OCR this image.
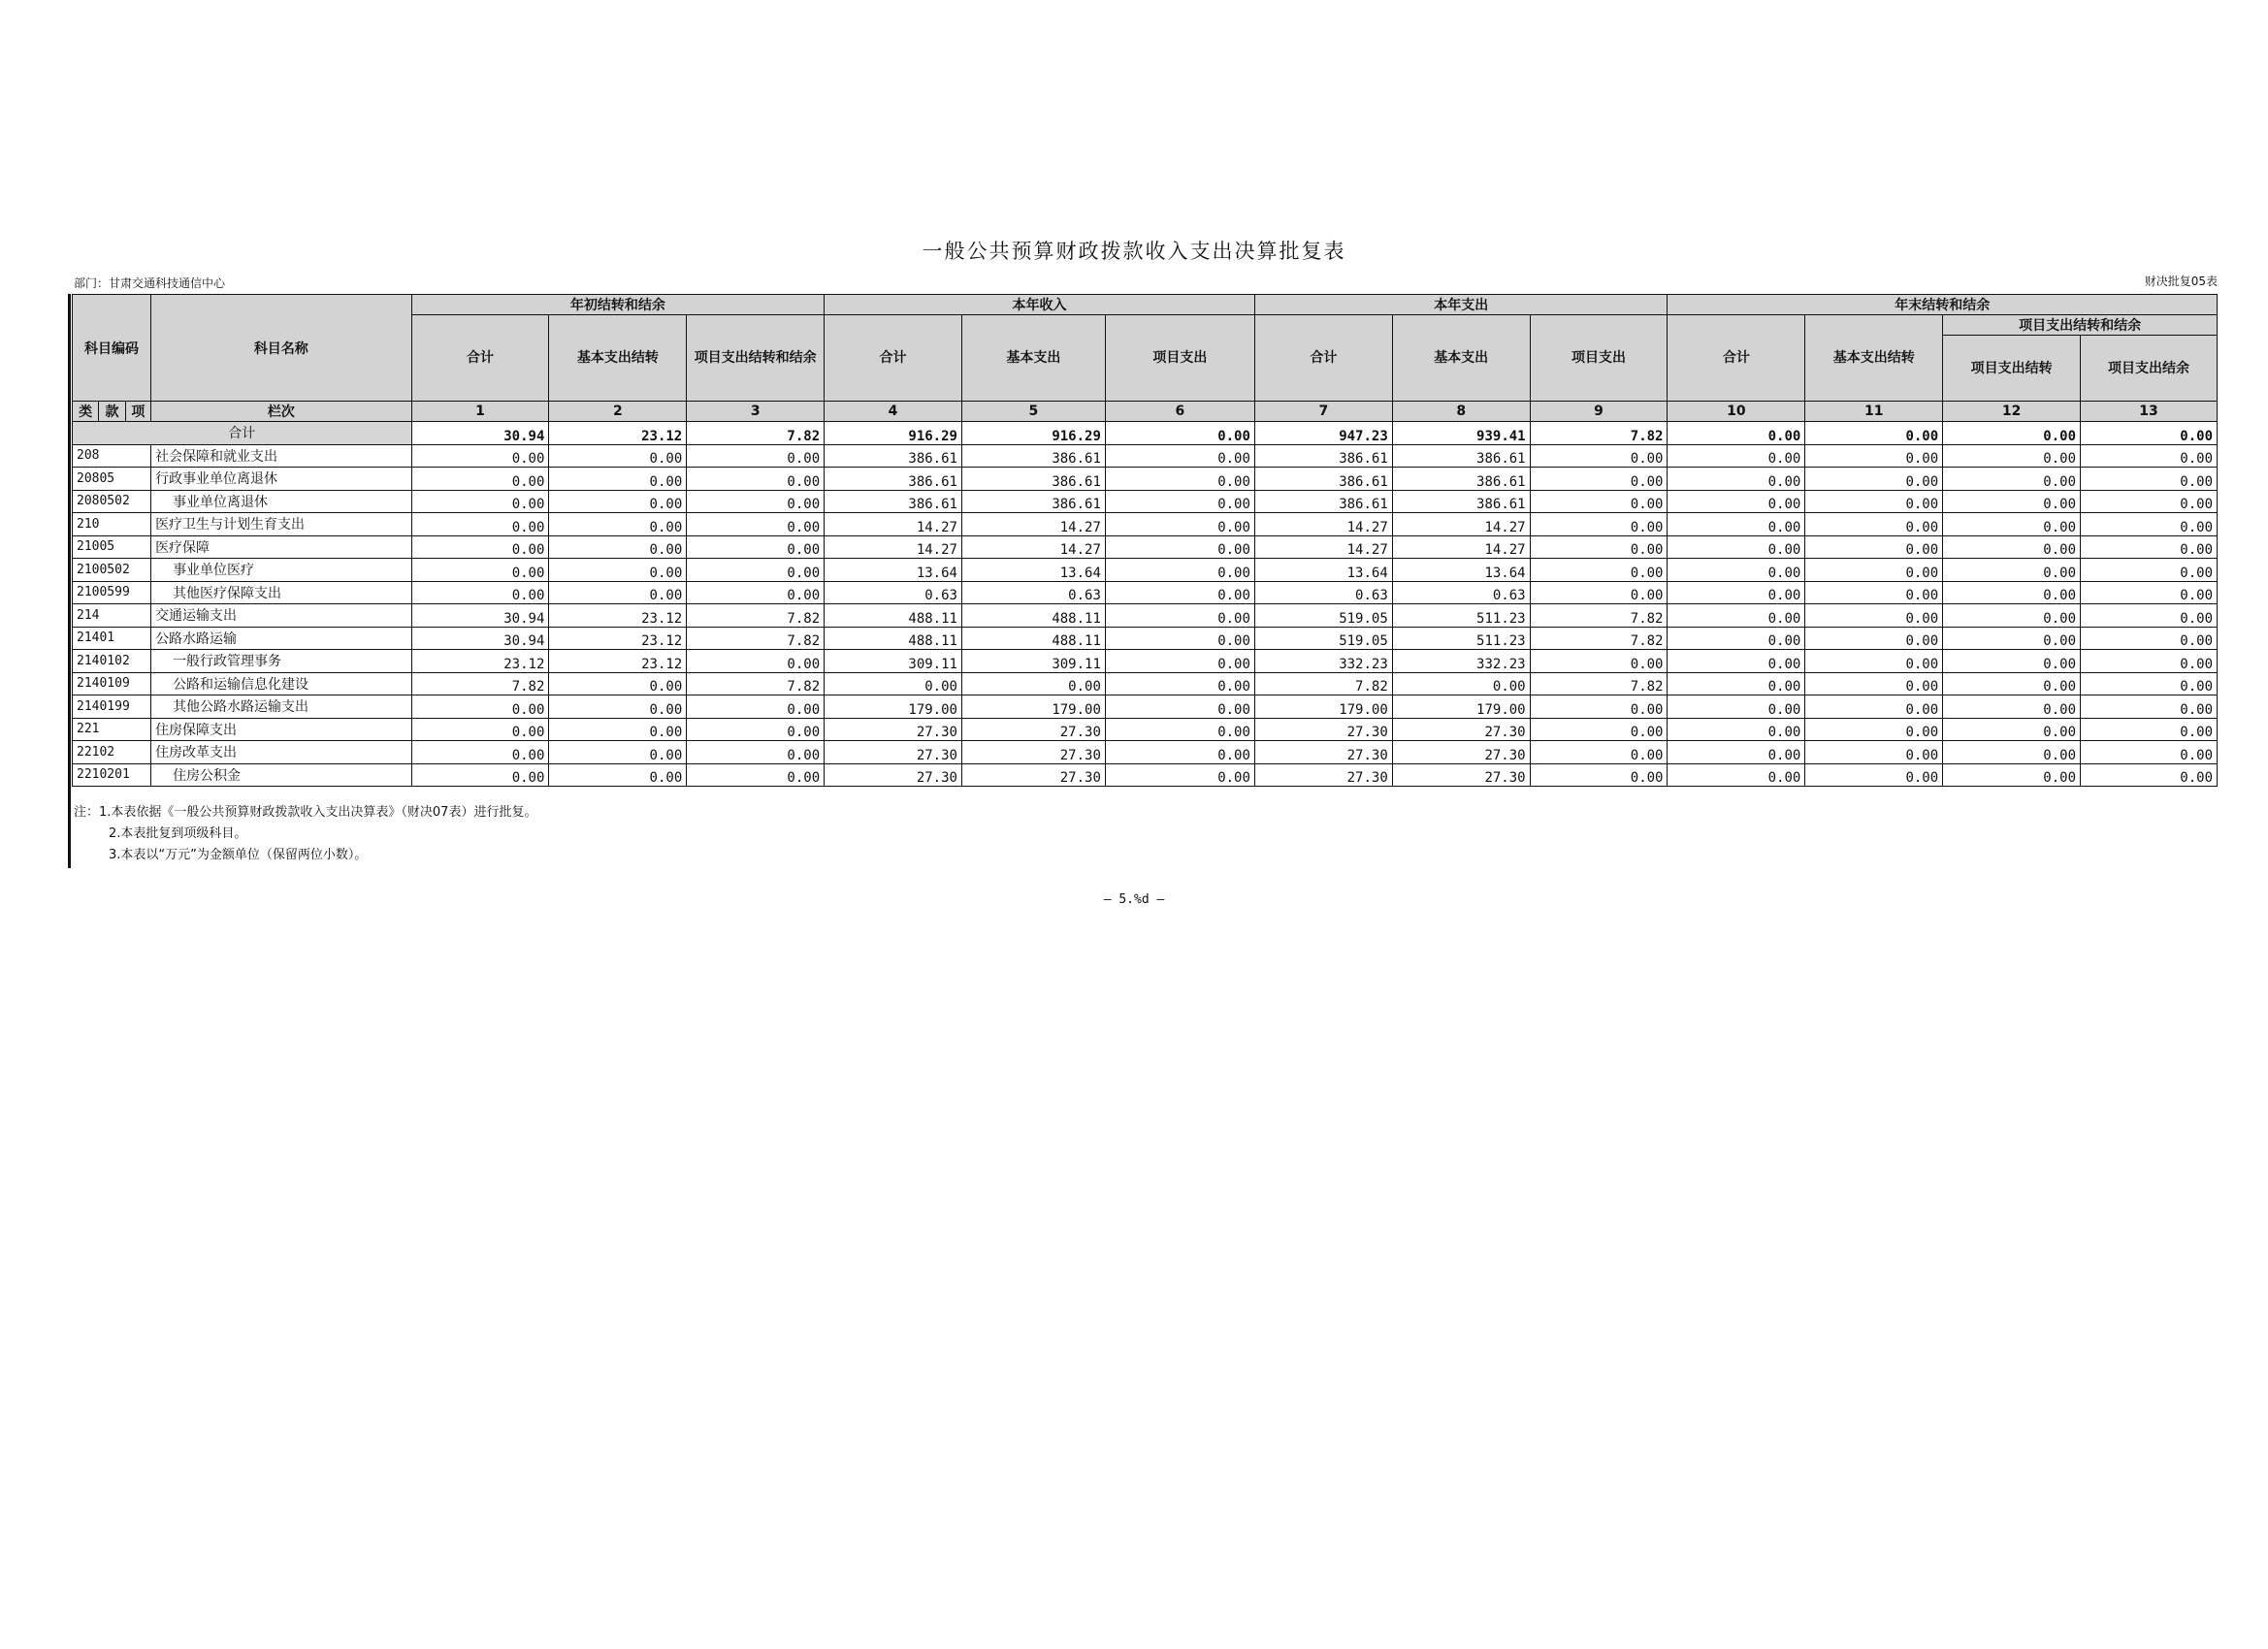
一般公共预算财政拨款收入支出决算批复表
部门：甘肃交通科技通信中心	财决批复05表
科目编码			科目名称	年初结转和结余			本年收入			本年支出			年末结转和结余			
				合计	基本支出结转	项目支出结转和结余	合计	基本支出	项目支出	合计	基本支出	项目支出	合计	基本支出结转	项目支出结转和结余	
															项目支出结转	项目支出结余
类	款	项	栏次	1	2	3	4	5	6	7	8	9	10	11	12	13
合计				30.94	23.12	7.82	916.29	916.29	0.00	947.23	939.41	7.82	0.00	0.00	0.00	0.00
208			社会保障和就业支出	0.00	0.00	0.00	386.61	386.61	0.00	386.61	386.61	0.00	0.00	0.00	0.00	0.00
20805			行政事业单位离退休	0.00	0.00	0.00	386.61	386.61	0.00	386.61	386.61	0.00	0.00	0.00	0.00	0.00
2080502			事业单位离退休	0.00	0.00	0.00	386.61	386.61	0.00	386.61	386.61	0.00	0.00	0.00	0.00	0.00
210			医疗卫生与计划生育支出	0.00	0.00	0.00	14.27	14.27	0.00	14.27	14.27	0.00	0.00	0.00	0.00	0.00
21005			医疗保障	0.00	0.00	0.00	14.27	14.27	0.00	14.27	14.27	0.00	0.00	0.00	0.00	0.00
2100502			事业单位医疗	0.00	0.00	0.00	13.64	13.64	0.00	13.64	13.64	0.00	0.00	0.00	0.00	0.00
2100599			其他医疗保障支出	0.00	0.00	0.00	0.63	0.63	0.00	0.63	0.63	0.00	0.00	0.00	0.00	0.00
214			交通运输支出	30.94	23.12	7.82	488.11	488.11	0.00	519.05	511.23	7.82	0.00	0.00	0.00	0.00
21401			公路水路运输	30.94	23.12	7.82	488.11	488.11	0.00	519.05	511.23	7.82	0.00	0.00	0.00	0.00
2140102			一般行政管理事务	23.12	23.12	0.00	309.11	309.11	0.00	332.23	332.23	0.00	0.00	0.00	0.00	0.00
2140109			公路和运输信息化建设	7.82	0.00	7.82	0.00	0.00	0.00	7.82	0.00	7.82	0.00	0.00	0.00	0.00
2140199			其他公路水路运输支出	0.00	0.00	0.00	179.00	179.00	0.00	179.00	179.00	0.00	0.00	0.00	0.00	0.00
221			住房保障支出	0.00	0.00	0.00	27.30	27.30	0.00	27.30	27.30	0.00	0.00	0.00	0.00	0.00
22102			住房改革支出	0.00	0.00	0.00	27.30	27.30	0.00	27.30	27.30	0.00	0.00	0.00	0.00	0.00
2210201			住房公积金	0.00	0.00	0.00	27.30	27.30	0.00	27.30	27.30	0.00	0.00	0.00	0.00	0.00
注：1.本表依据《一般公共预算财政拨款收入支出决算表》（财决07表）进行批复。
2.本表批复到项级科目。
3.本表以“万元”为金额单位（保留两位小数）。
— 5.%d —
